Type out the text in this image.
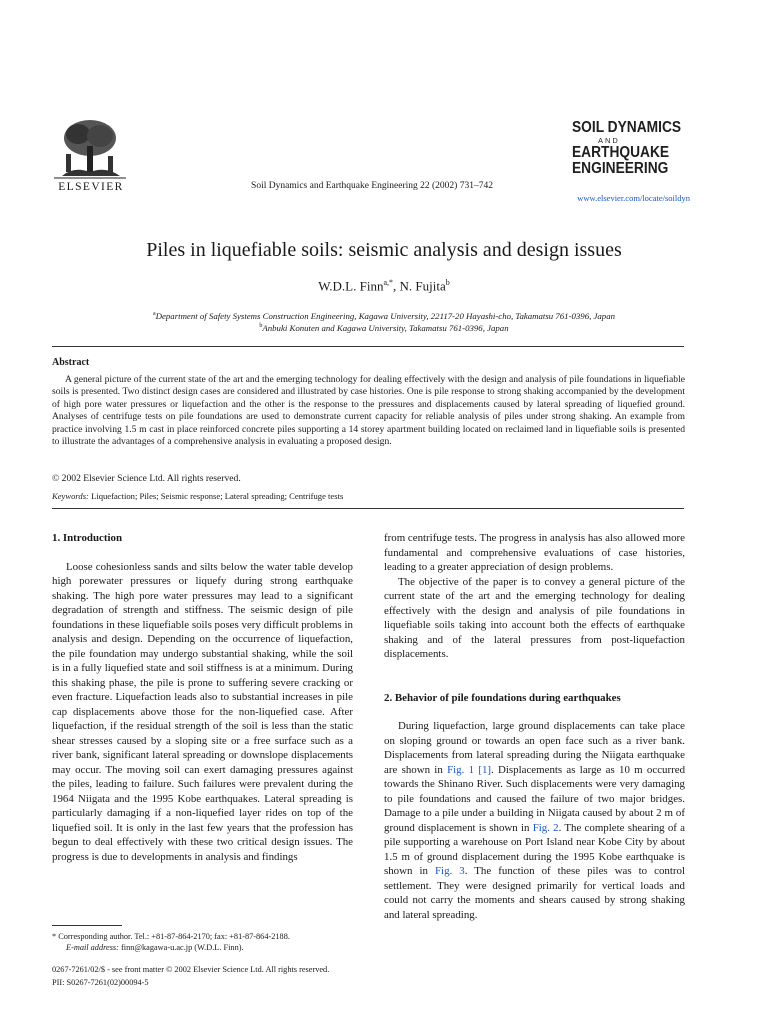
ELSEVIER	Soil Dynamics and Earthquake Engineering 22 (2002) 731–742
SOIL DYNAMICS
AND
EARTHQUAKE
ENGINEERING
www.elsevier.com/locate/soildyn
Piles in liquefiable soils: seismic analysis and design issues
W.D.L. Finn$^{a,*}$, N. Fujita$^b$
$^a$Department of Safety Systems Construction Engineering, Kagawa University, 22117-20 Hayashi-cho, Takamatsu 761-0396, Japan
$^b$Anbuki Konuten and Kagawa University, Takamatsu 761-0396, Japan
Abstract
A general picture of the current state of the art and the emerging technology for dealing effectively with the design and analysis of pile foundations in liquefiable soils is presented. Two distinct design cases are considered and illustrated by case histories. One is pile response to strong shaking accompanied by the development of high pore water pressures or liquefaction and the other is the response to the pressures and displacements caused by lateral spreading of liquefied ground. Analyses of centrifuge tests on pile foundations are used to demonstrate current capacity for reliable analysis of piles under strong shaking. An example from practice involving 1.5 m cast in place reinforced concrete piles supporting a 14 storey apartment building located on reclaimed land in liquefiable soils is presented to illustrate the advantages of a comprehensive analysis in evaluating a proposed design.
© 2002 Elsevier Science Ltd. All rights reserved.
Keywords: Liquefaction; Piles; Seismic response; Lateral spreading; Centrifuge tests
1. Introduction

Loose cohesionless sands and silts below the water table develop high porewater pressures or liquefy during strong earthquake shaking. The high pore water pressures may lead to a significant degradation of strength and stiffness. The seismic design of pile foundations in these liquefiable soils poses very difficult problems in analysis and design. Depending on the occurrence of liquefaction, the pile foundation may undergo substantial shaking, while the soil is in a fully liquefied state and soil stiffness is at a minimum. During this shaking phase, the pile is prone to suffering severe cracking or even fracture. Liquefaction leads also to substantial increases in pile cap displacements above those for the non-liquefied case. After liquefaction, if the residual strength of the soil is less than the static shear stresses caused by a sloping site or a free surface such as a river bank, significant lateral spreading or downslope displacements may occur. The moving soil can exert damaging pressures against the piles, leading to failure. Such failures were prevalent during the 1964 Niigata and the 1995 Kobe earthquakes. Lateral spreading is particularly damaging if a non-liquefied layer rides on top of the liquefied soil. It is only in the last few years that the profession has begun to deal effectively with these two critical design issues. The progress is due to developments in analysis and findings

from centrifuge tests. The progress in analysis has also allowed more fundamental and comprehensive evaluations of case histories, leading to a greater appreciation of design problems.

The objective of the paper is to convey a general picture of the current state of the art and the emerging technology for dealing effectively with the design and analysis of pile foundations in liquefiable soils taking into account both the effects of earthquake shaking and of the lateral pressures from post-liquefaction displacements.

2. Behavior of pile foundations during earthquakes

During liquefaction, large ground displacements can take place on sloping ground or towards an open face such as a river bank. Displacements from lateral spreading during the Niigata earthquake are shown in Fig. 1 [1]. Displacements as large as 10 m occurred towards the Shinano River. Such displacements were very damaging to pile foundations and caused the failure of two major bridges. Damage to a pile under a building in Niigata caused by about 2 m of ground displacement is shown in Fig. 2. The complete shearing of a pile supporting a warehouse on Port Island near Kobe City by about 1.5 m of ground displacement during the 1995 Kobe earthquake is shown in Fig. 3. The function of these piles was to control settlement. They were designed primarily for vertical loads and could not carry the moments and shears caused by strong shaking and lateral spreading.

* Corresponding author. Tel.: +81-87-864-2170; fax: +81-87-864-2188.
E-mail address: finn@kagawa-u.ac.jp (W.D.L. Finn).
0267-7261/02/$ - see front matter © 2002 Elsevier Science Ltd. All rights reserved.
PII: S0267-7261(02)00094-5
